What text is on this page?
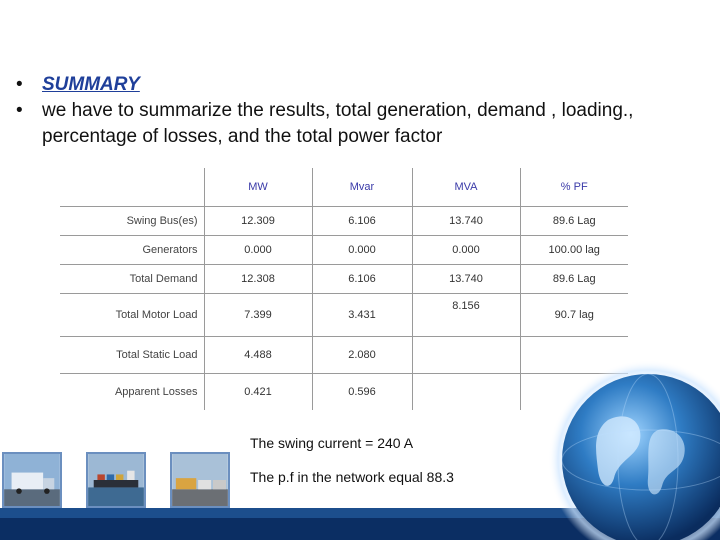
• SUMMARY
• we have to summarize the results, total generation, demand , loading., percentage of losses, and the total power factor
	MW	Mvar	MVA	% PF
Swing Bus(es)	12.309	6.106	13.740	89.6 Lag
Generators	0.000	0.000	0.000	100.00 lag
Total Demand	12.308	6.106	13.740	89.6 Lag
Total Motor Load	7.399	3.431	8.156	90.7 lag
Total Static Load	4.488	2.080		
Apparent Losses	0.421	0.596		
The swing current = 240 A
The p.f in the network equal 88.3
